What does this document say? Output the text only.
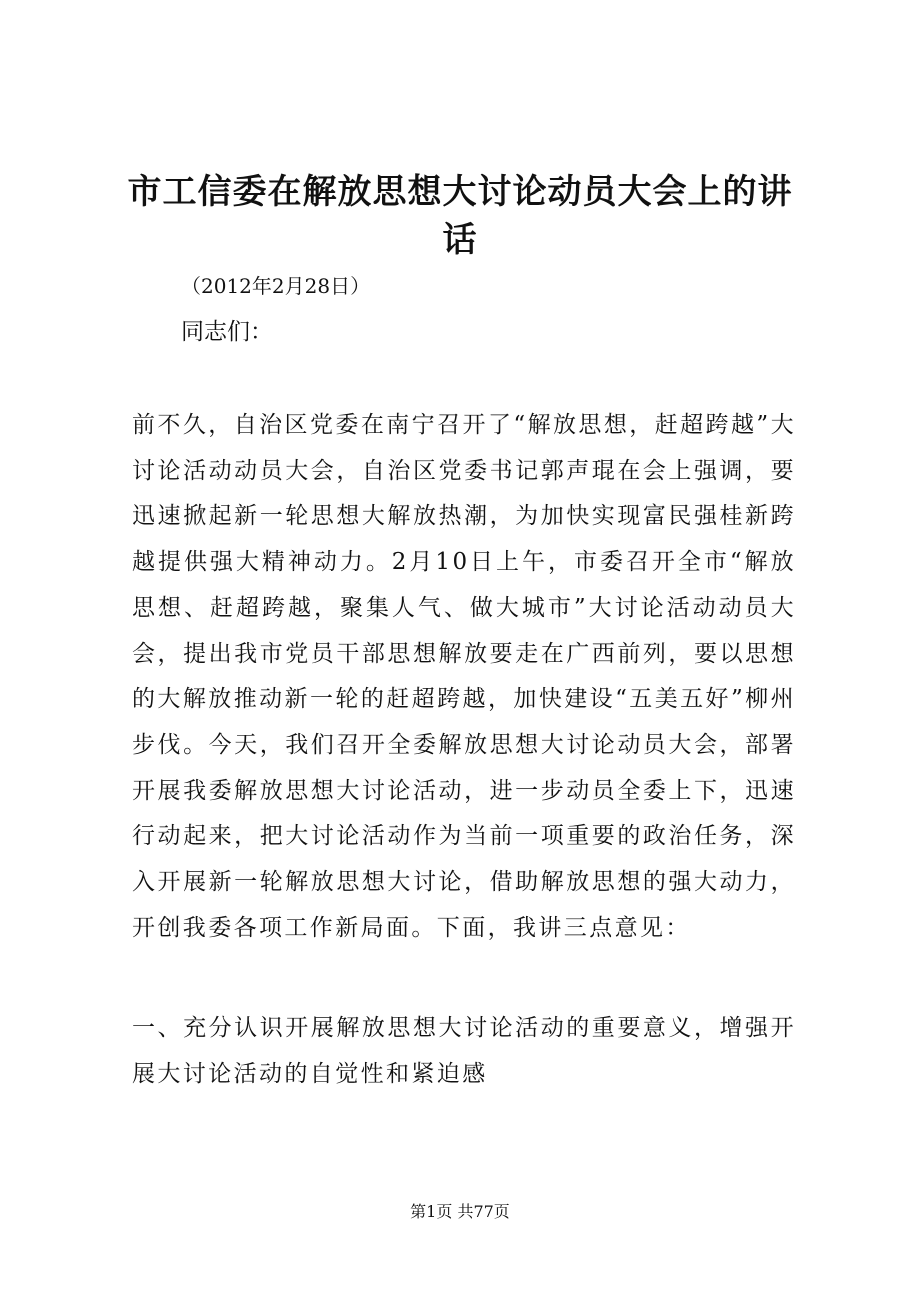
市工信委在解放思想大讨论动员大会上的讲话

（2012年2月28日）

同志们：

前不久，自治区党委在南宁召开了“解放思想，赶超跨越”大讨论活动动员大会，自治区党委书记郭声琨在会上强调，要迅速掀起新一轮思想大解放热潮，为加快实现富民强桂新跨越提供强大精神动力。2月10日上午，市委召开全市“解放思想、赶超跨越，聚集人气、做大城市”大讨论活动动员大会，提出我市党员干部思想解放要走在广西前列，要以思想的大解放推动新一轮的赶超跨越，加快建设“五美五好”柳州步伐。今天，我们召开全委解放思想大讨论动员大会，部署开展我委解放思想大讨论活动，进一步动员全委上下，迅速行动起来，把大讨论活动作为当前一项重要的政治任务，深入开展新一轮解放思想大讨论，借助解放思想的强大动力，开创我委各项工作新局面。下面，我讲三点意见：

一、充分认识开展解放思想大讨论活动的重要意义，增强开展大讨论活动的自觉性和紧迫感

第1页 共77页
